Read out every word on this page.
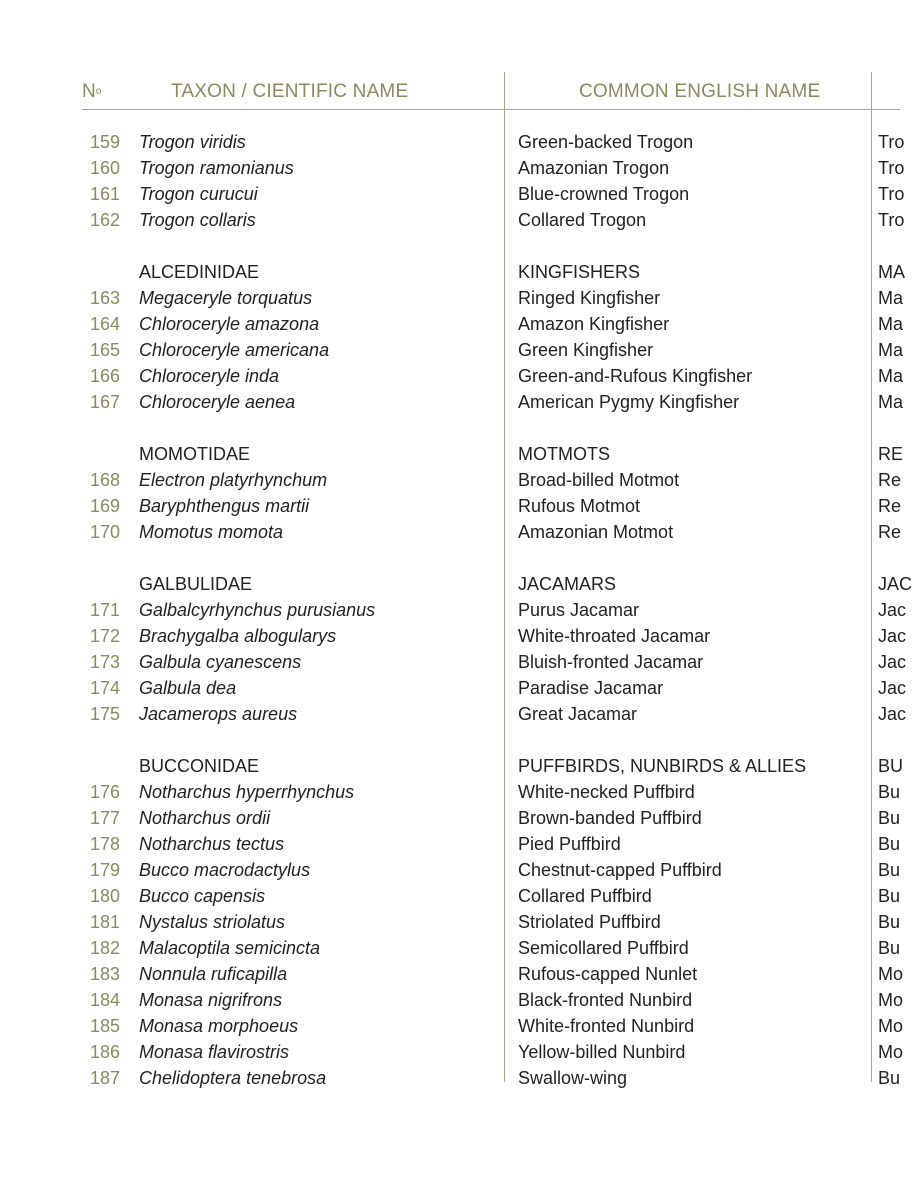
$N^o$	TAXON / CIENTIFIC NAME	COMMON ENGLISH NAME
159 Trogon viridis	Green-backed Trogon	Tro
160 Trogon ramonianus	Amazonian Trogon	Tro
161 Trogon curucui	Blue-crowned Trogon	Tro
162 Trogon collaris	Collared Trogon	Tro
ALCEDINIDAE	KINGFISHERS	MA
163 Megaceryle torquatus	Ringed Kingfisher	Ma
164 Chloroceryle amazona	Amazon Kingfisher	Ma
165 Chloroceryle americana	Green Kingfisher	Ma
166 Chloroceryle inda	Green-and-Rufous Kingfisher	Ma
167 Chloroceryle aenea	American Pygmy Kingfisher	Ma
MOMOTIDAE	MOTMOTS	RE
168 Electron platyrhynchum	Broad-billed Motmot	Re
169 Baryphthengus martii	Rufous Motmot	Re
170 Momotus momota	Amazonian Motmot	Re
GALBULIDAE	JACAMARS	JAC
171 Galbalcyrhynchus purusianus	Purus Jacamar	Jac
172 Brachygalba albogularys	White-throated Jacamar	Jac
173 Galbula cyanescens	Bluish-fronted Jacamar	Jac
174 Galbula dea	Paradise Jacamar	Jac
175 Jacamerops aureus	Great Jacamar	Jac
BUCCONIDAE	PUFFBIRDS, NUNBIRDS & ALLIES	BU
176 Notharchus hyperrhynchus	White-necked Puffbird	Bu
177 Notharchus ordii	Brown-banded Puffbird	Bu
178 Notharchus tectus	Pied Puffbird	Bu
179 Bucco macrodactylus	Chestnut-capped Puffbird	Bu
180 Bucco capensis	Collared Puffbird	Bu
181 Nystalus striolatus	Striolated Puffbird	Bu
182 Malacoptila semicincta	Semicollared Puffbird	Bu
183 Nonnula ruficapilla	Rufous-capped Nunlet	Mo
184 Monasa nigrifrons	Black-fronted Nunbird	Mo
185 Monasa morphoeus	White-fronted Nunbird	Mo
186 Monasa flavirostris	Yellow-billed Nunbird	Mo
187 Chelidoptera tenebrosa	Swallow-wing	Bu
